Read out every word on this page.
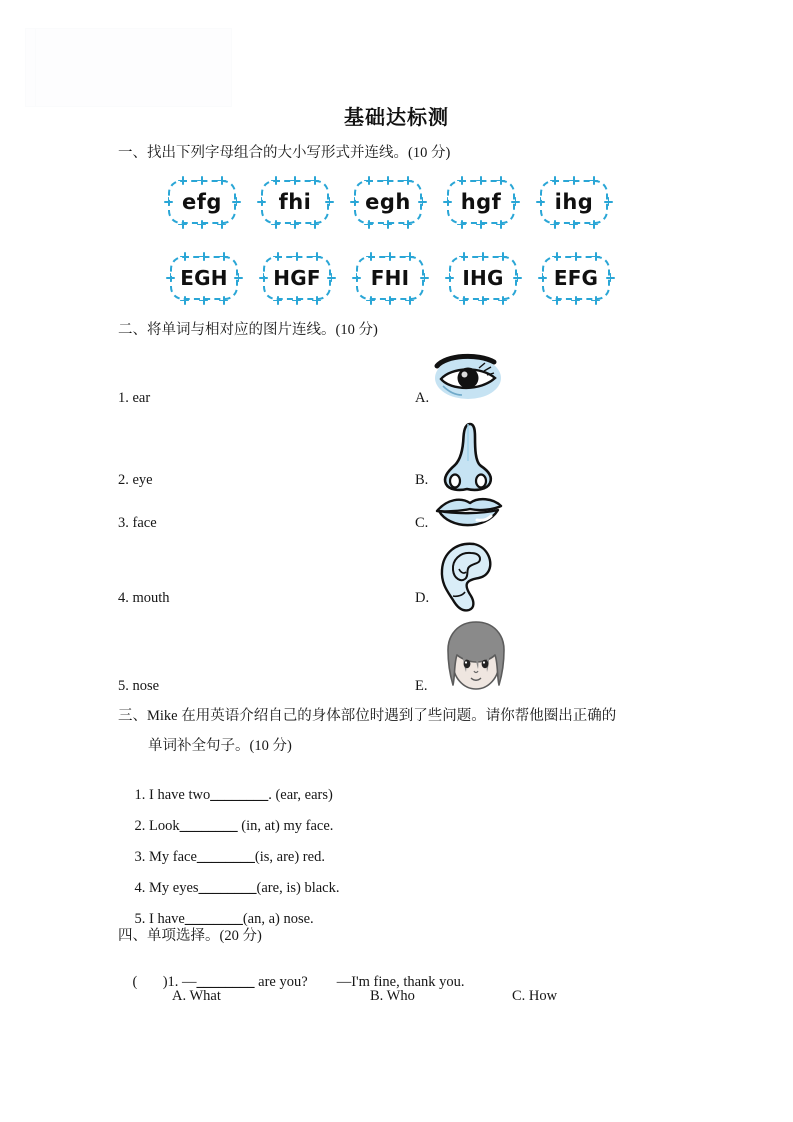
基础达标测
一、找出下列字母组合的大小写形式并连线。(10 分)
efg	fhi	egh hgf	ihg
EGH HGF	FHI	IHG	EFG
二、将单词与相对应的图片连线。(10 分)
1. ear
2. eye
3. face
4. mouth
5. nose
A.
B.
C.
D.
E.
三、Mike 在用英语介绍自己的身体部位时遇到了些问题。请你帮他圈出正确的
单词补全句子。(10 分)

1. I have two________. (ear, ears)

2. Look________ (in, at) my face.

3. My face________(is, are) red.

4. My eyes________(are, is) black.

5. I have________(an, a) nose.

四、单项选择。(20 分)

(       )1. —________ are you? —I'm fine, thank you.

A. What	B. Who	C. How
